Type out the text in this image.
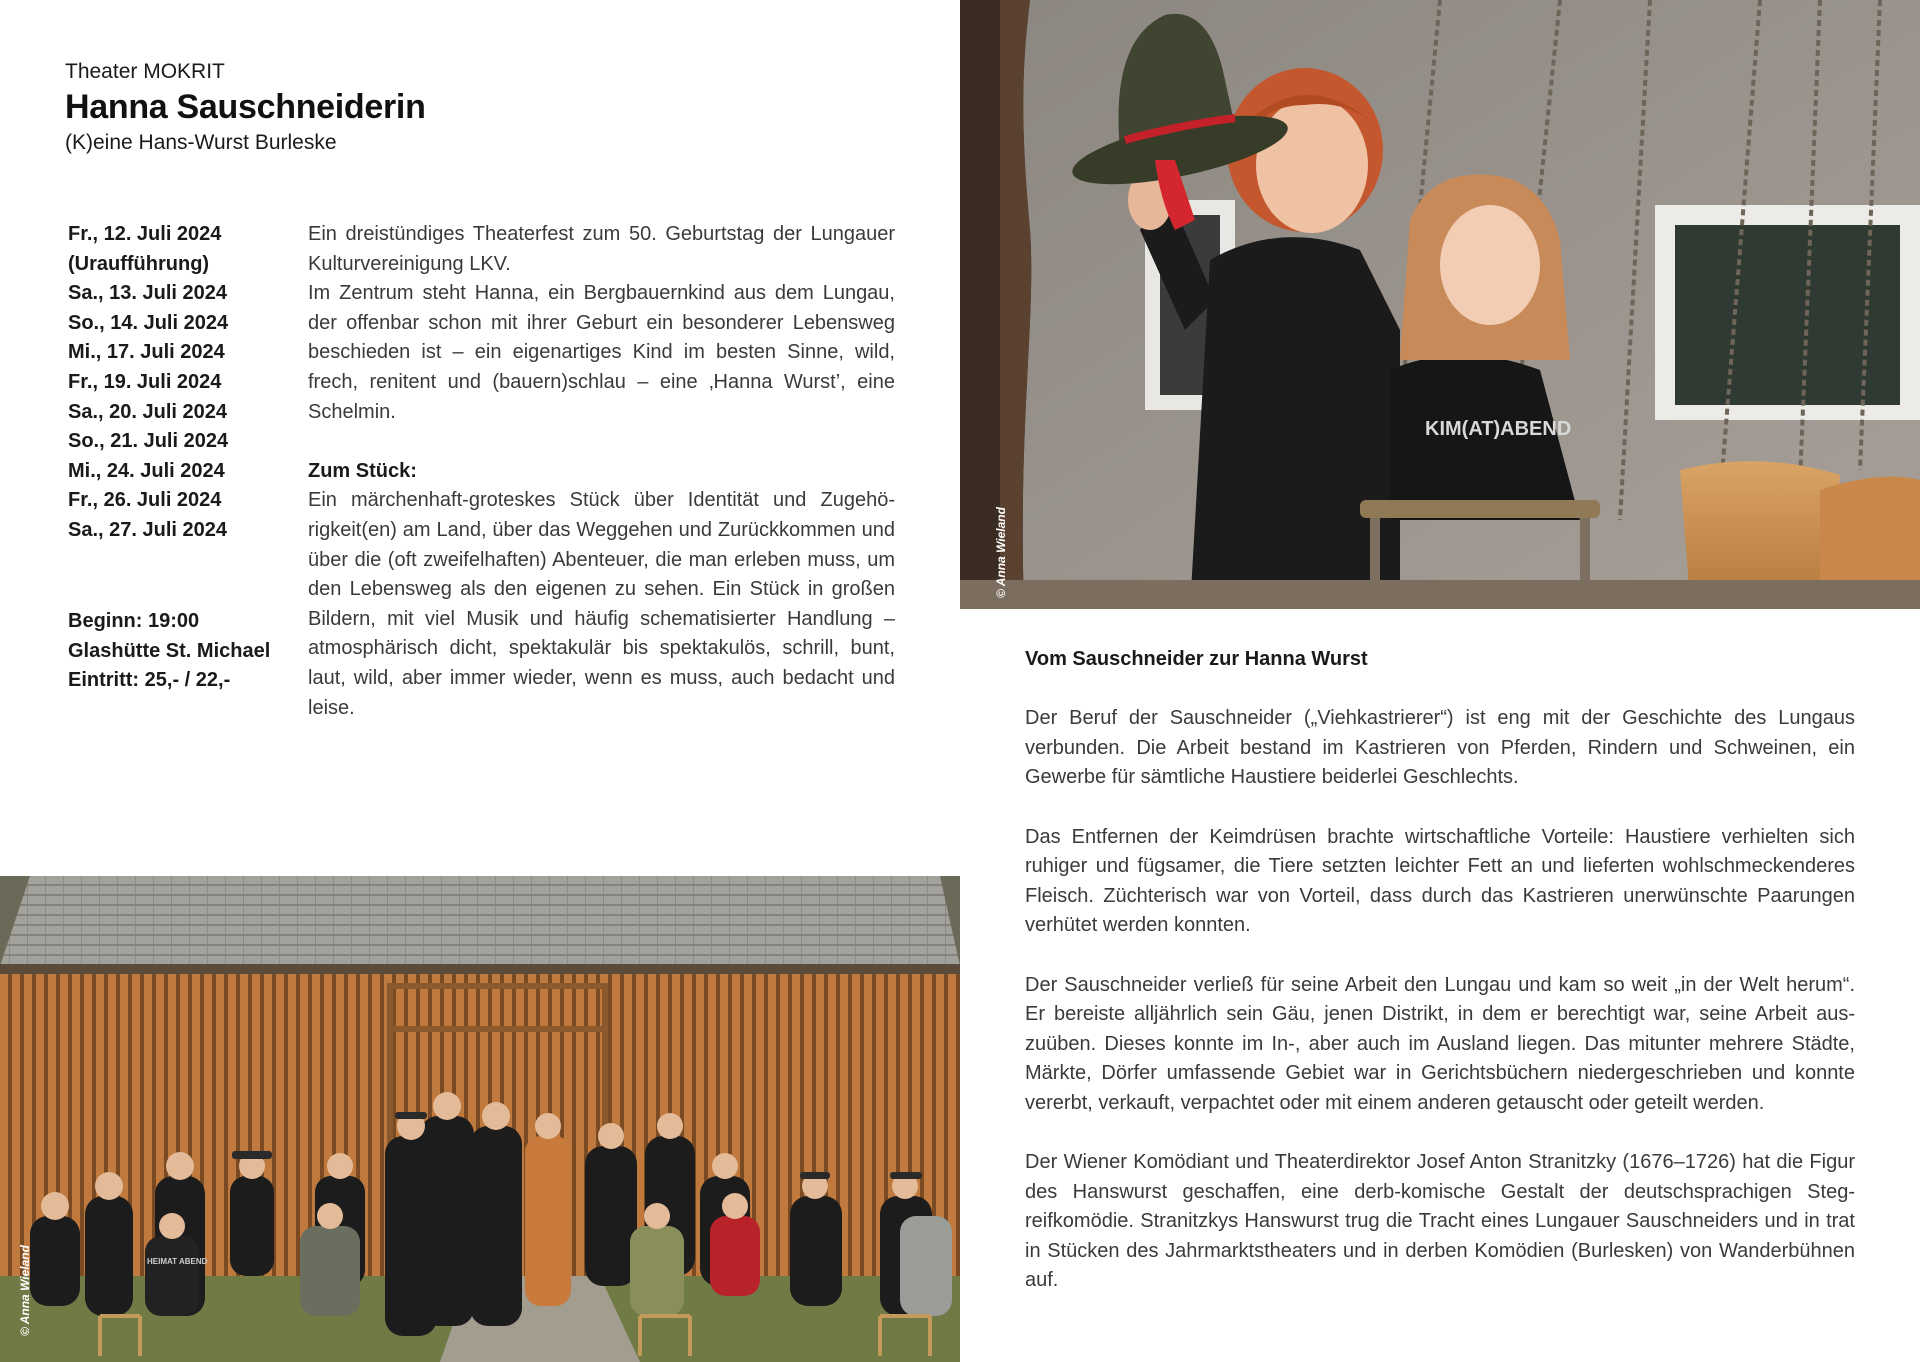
Theater MOKRIT
Hanna Sauschneiderin
(K)eine Hans-Wurst Burleske
Fr., 12. Juli 2024
(Uraufführung)
Sa., 13. Juli 2024
So., 14. Juli 2024
Mi., 17. Juli 2024
Fr., 19. Juli 2024
Sa., 20. Juli 2024
So., 21. Juli 2024
Mi., 24. Juli 2024
Fr., 26. Juli 2024
Sa., 27. Juli 2024
Beginn: 19:00
Glashütte St. Michael
Eintritt: 25,- / 22,-

Ein dreistündiges Theaterfest zum 50. Geburtstag der Lungauer Kulturvereinigung LKV.

Im Zentrum steht Hanna, ein Bergbauernkind aus dem Lungau, der offenbar schon mit ihrer Geburt ein besonderer Lebensweg beschieden ist – ein eigenartiges Kind im besten Sinne, wild, frech, renitent und (bauern)schlau – eine ‚Hanna Wurst’, eine Schelmin.

Zum Stück:

Ein märchenhaft-groteskes Stück über Identität und Zugehörigkeit(en) am Land, über das Weggehen und Zurückkommen und über die (oft zweifelhaften) Abenteuer, die man erleben muss, um den Lebensweg als den eigenen zu sehen. Ein Stück in großen Bildern, mit viel Musik und häufig schematisierter Handlung – atmosphärisch dicht, spektakulär bis spektakulös, schrill, bunt, laut, wild, aber immer wieder, wenn es muss, auch bedacht und leise.

Vom Sauschneider zur Hanna Wurst

Der Beruf der Sauschneider („Viehkastrierer“) ist eng mit der Geschichte des Lungaus verbunden. Die Arbeit bestand im Kastrieren von Pferden, Rindern und Schweinen, ein Gewerbe für sämtliche Haustiere beiderlei Geschlechts.

Das Entfernen der Keimdrüsen brachte wirtschaftliche Vorteile: Haustiere verhielten sich ruhiger und fügsamer, die Tiere setzten leichter Fett an und lieferten wohlschmeckenderes Fleisch. Züchterisch war von Vorteil, dass durch das Kastrieren unerwünschte Paarungen verhütet werden konnten.

Der Sauschneider verließ für seine Arbeit den Lungau und kam so weit „in der Welt herum“. Er bereiste alljährlich sein Gäu, jenen Distrikt, in dem er berechtigt war, seine Arbeit auszuüben. Dieses konnte im In-, aber auch im Ausland liegen. Das mitunter mehrere Städte, Märkte, Dörfer umfassende Gebiet war in Gerichtsbüchern niedergeschrieben und konnte vererbt, verkauft, verpachtet oder mit einem anderen getauscht oder geteilt werden.

Der Wiener Komödiant und Theaterdirektor Josef Anton Stranitzky (1676–1726) hat die Figur des Hanswurst geschaffen, eine derb-komische Gestalt der deutschsprachigen Stegreifkomödie. Stranitzkys Hanswurst trug die Tracht eines Lungauer Sauschneiders und in trat in Stücken des Jahrmarktstheaters und in derben Komödien (Burlesken) von Wanderbühnen auf.

KIM(AT)ABEND
© Anna Wieland
HEIMAT ABEND
© Anna Wieland
